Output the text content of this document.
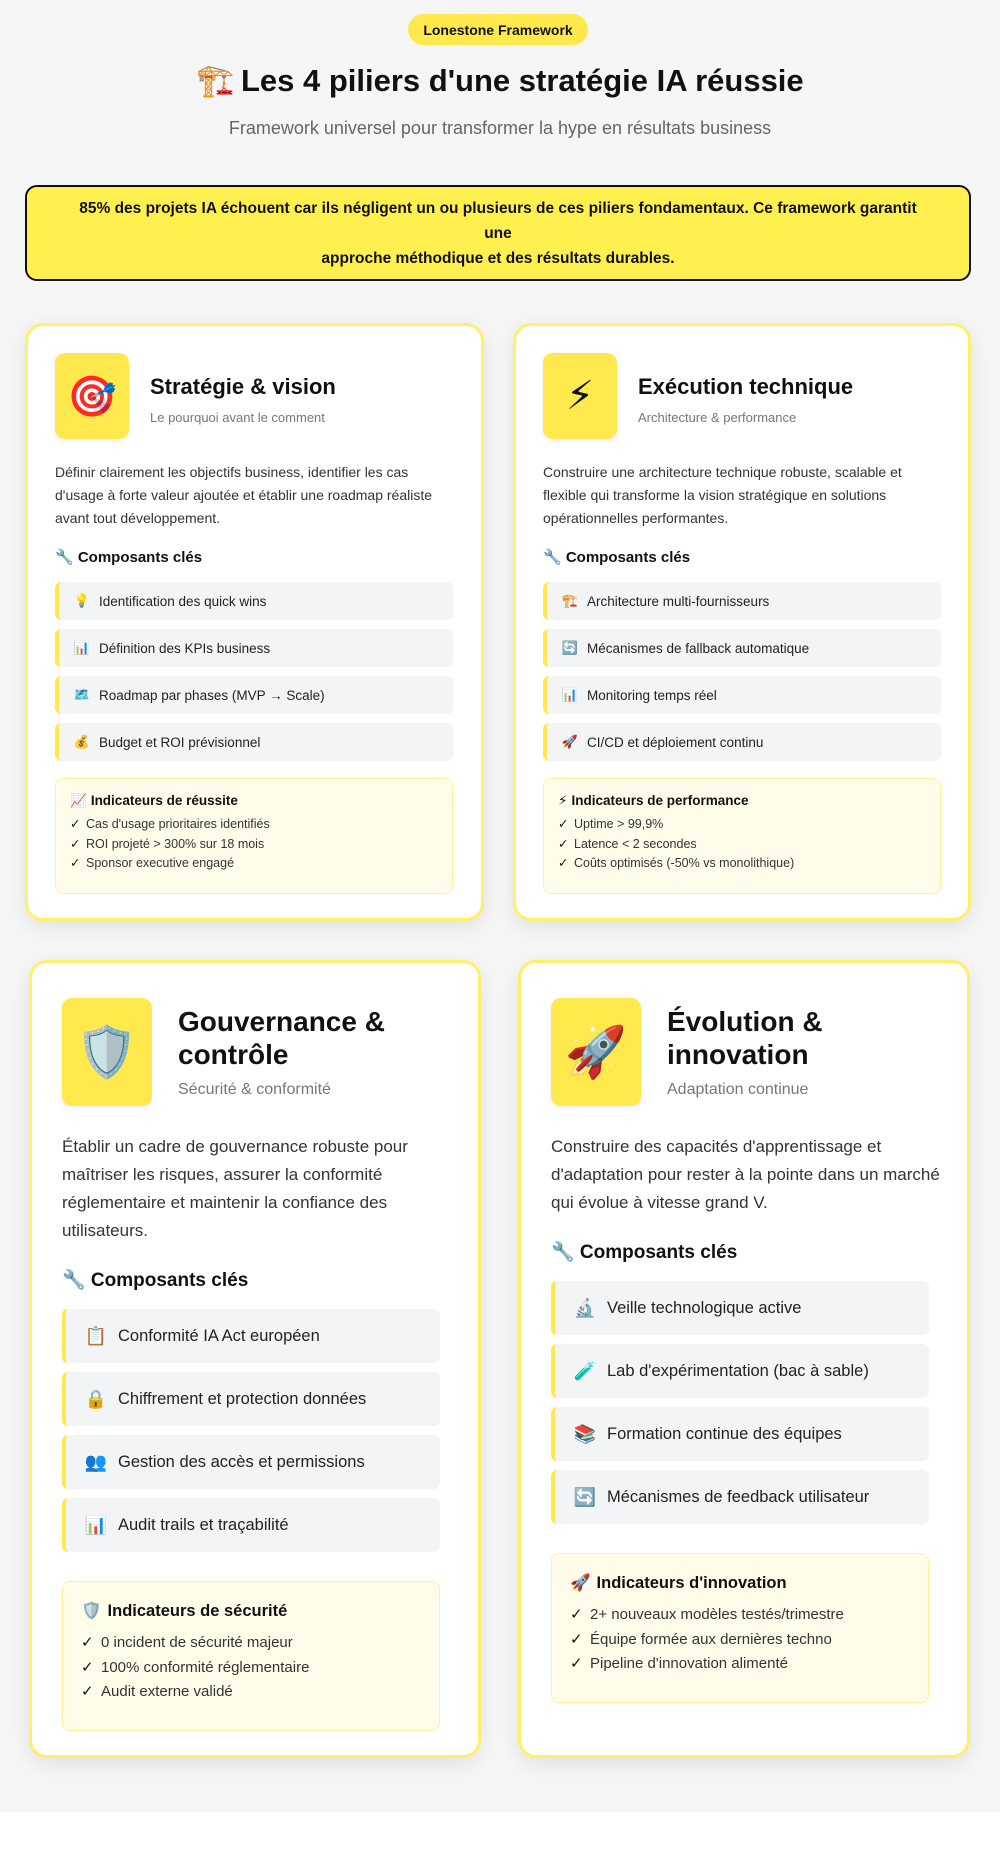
Lonestone Framework
🏗️ Les 4 piliers d'une stratégie IA réussie
Framework universel pour transformer la hype en résultats business
85% des projets IA échouent car ils négligent un ou plusieurs de ces piliers fondamentaux. Ce framework garantit une
approche méthodique et des résultats durables.
🎯 Stratégie & vision
Le pourquoi avant le comment
Définir clairement les objectifs business, identifier les cas d'usage à forte valeur ajoutée et établir une roadmap réaliste avant tout développement.
🔧 Composants clés
💡 Identification des quick wins
📊 Définition des KPIs business
🗺️ Roadmap par phases (MVP → Scale)
💰 Budget et ROI prévisionnel
📈 Indicateurs de réussite
✓ Cas d'usage prioritaires identifiés
✓ ROI projeté > 300% sur 18 mois
✓ Sponsor executive engagé
⚡ Exécution technique
Architecture & performance
Construire une architecture technique robuste, scalable et flexible qui transforme la vision stratégique en solutions opérationnelles performantes.
🔧 Composants clés
🏗️ Architecture multi-fournisseurs
🔄 Mécanismes de fallback automatique
📊 Monitoring temps réel
🚀 CI/CD et déploiement continu
⚡ Indicateurs de performance
✓ Uptime > 99,9%
✓ Latence < 2 secondes
✓ Coûts optimisés (-50% vs monolithique)
🛡️
Gouvernance & contrôle
Sécurité & conformité
Établir un cadre de gouvernance robuste pour maîtriser les risques, assurer la conformité réglementaire et maintenir la confiance des utilisateurs.
🔧 Composants clés
📋 Conformité IA Act européen
🔒 Chiffrement et protection données
👥 Gestion des accès et permissions
📊 Audit trails et traçabilité
🛡️ Indicateurs de sécurité
✓ 0 incident de sécurité majeur
✓ 100% conformité réglementaire
✓ Audit externe validé
🚀
Évolution & innovation
Adaptation continue
Construire des capacités d'apprentissage et d'adaptation pour rester à la pointe dans un marché qui évolue à vitesse grand V.
🔧 Composants clés
🔬 Veille technologique active
🧪 Lab d'expérimentation (bac à sable)
📚 Formation continue des équipes
🔄 Mécanismes de feedback utilisateur
🚀 Indicateurs d'innovation
✓ 2+ nouveaux modèles testés/trimestre
✓ Équipe formée aux dernières techno
✓ Pipeline d'innovation alimenté
